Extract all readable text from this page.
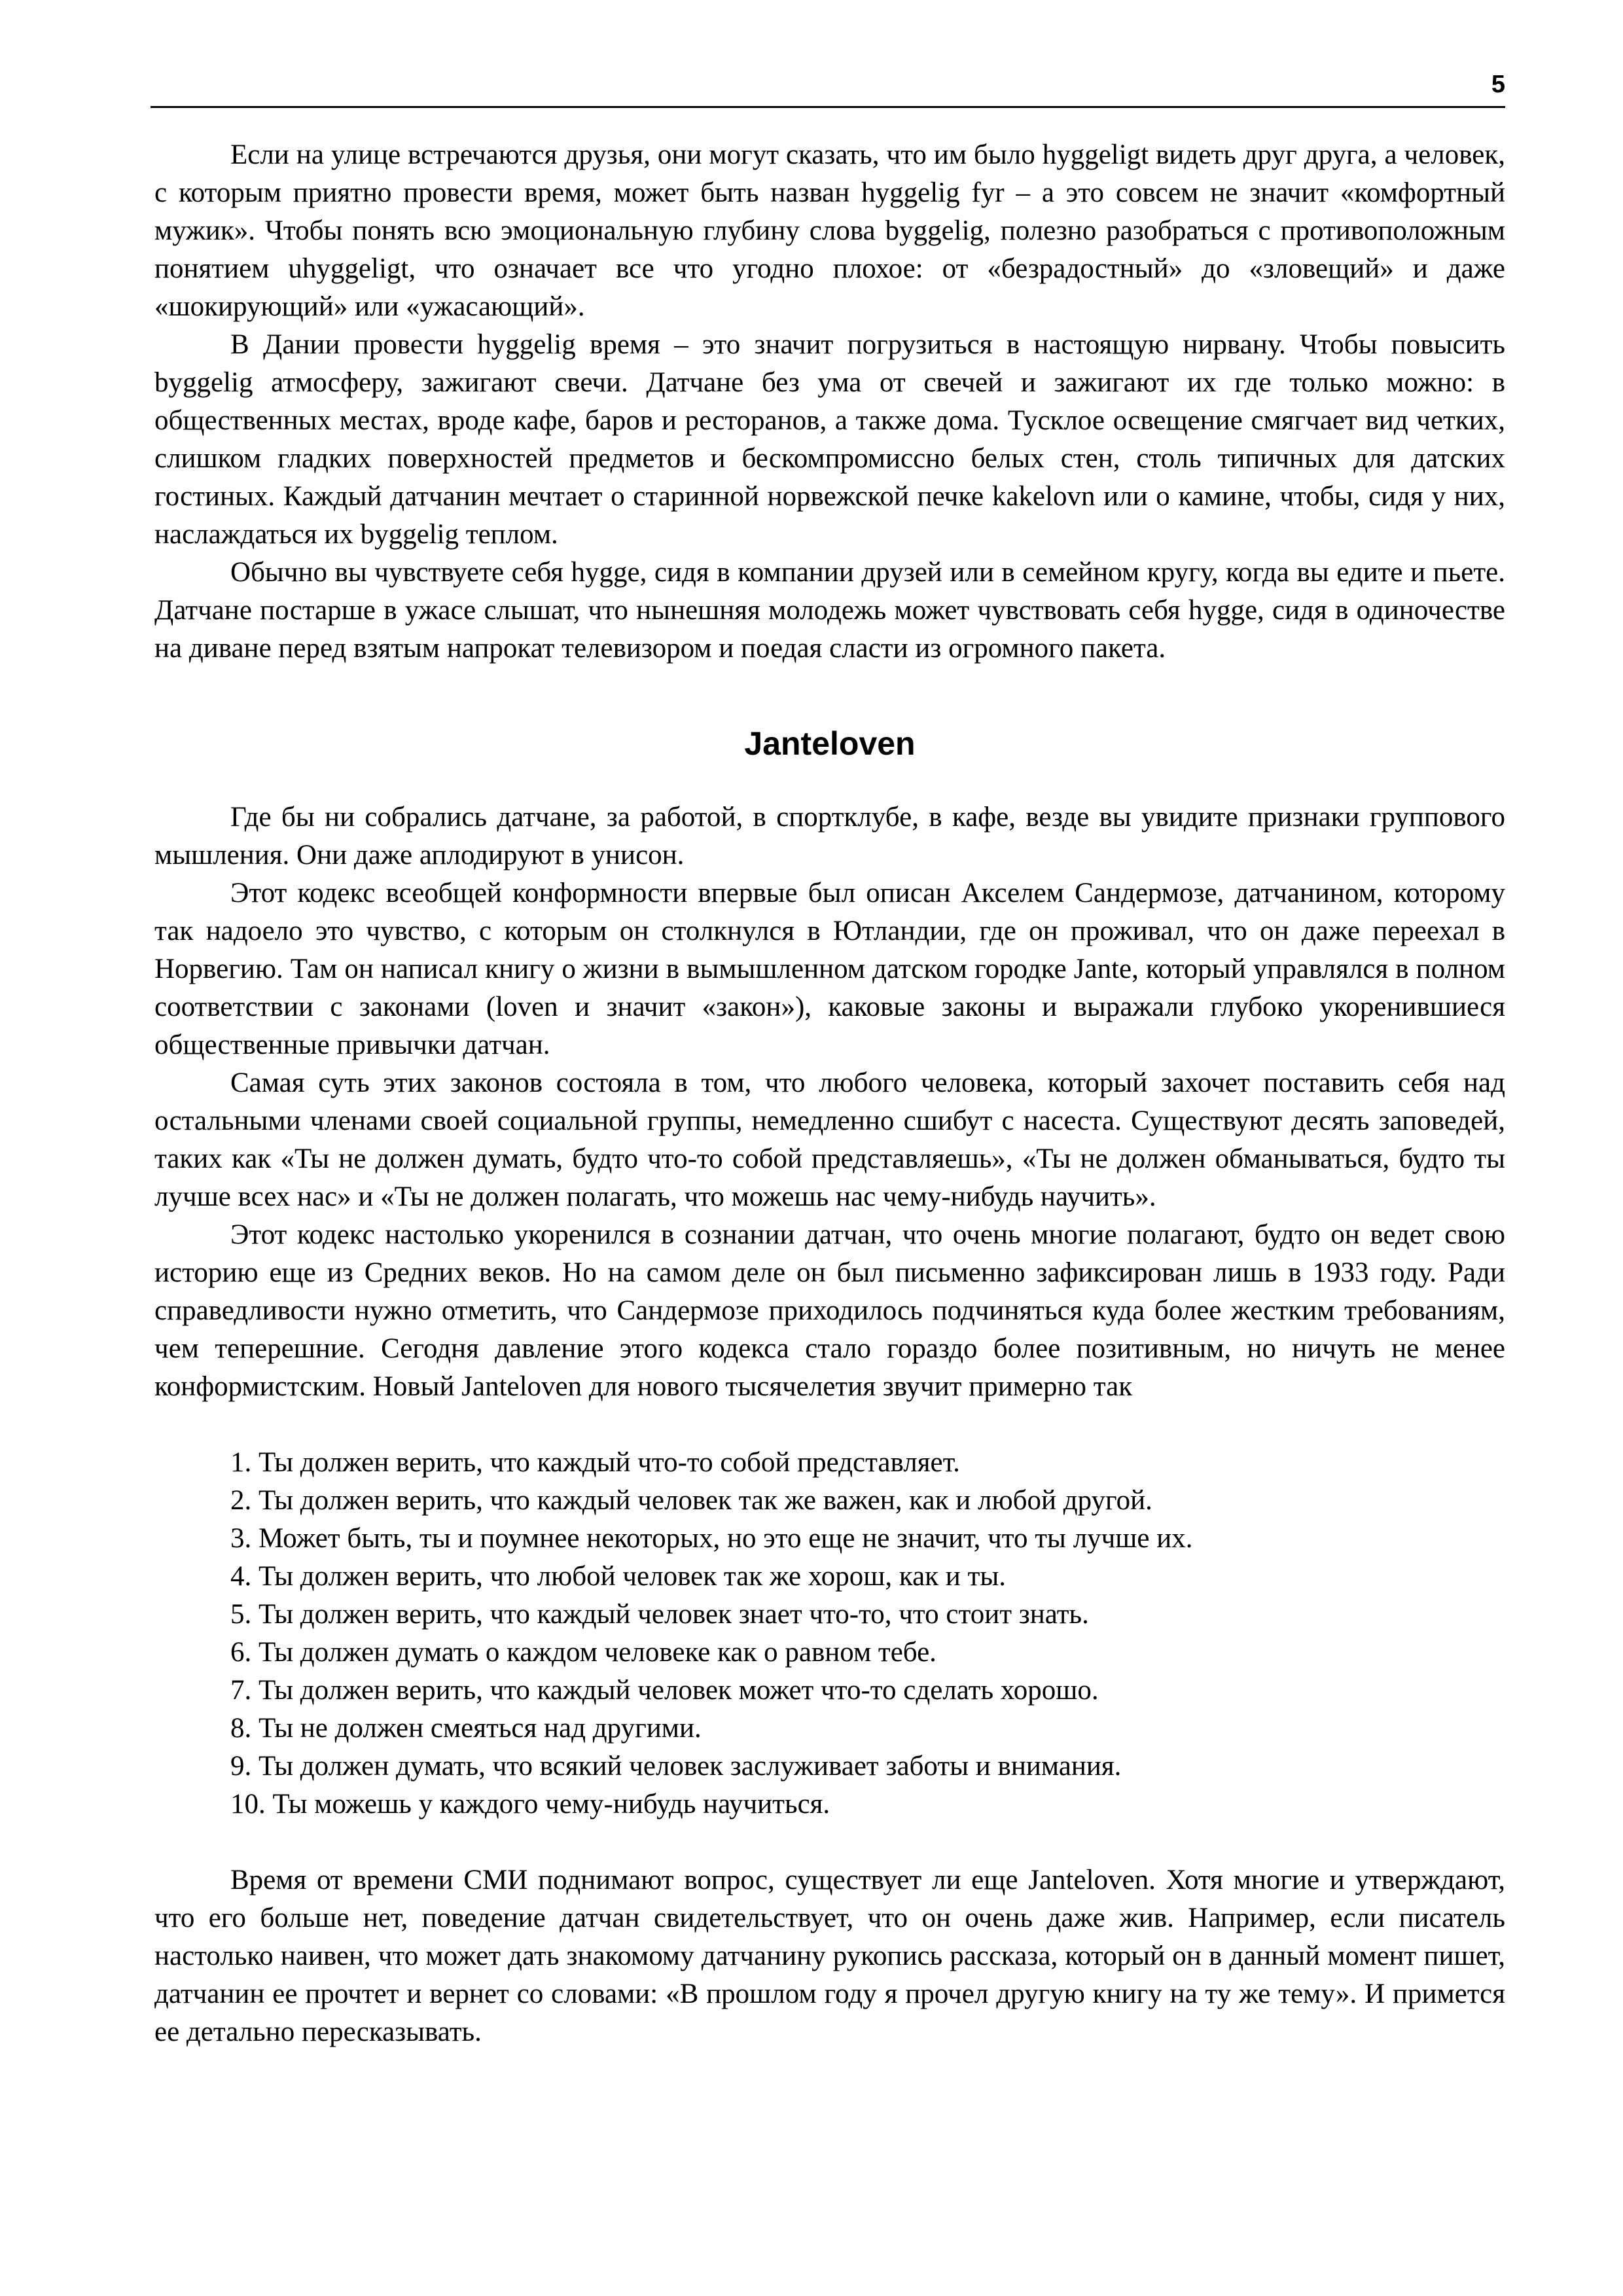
5

Если на улице встречаются друзья, они могут сказать, что им было hyggeligt видеть друг друга, а человек, с которым приятно провести время, может быть назван hyggelig fyr – а это совсем не значит «комфортный мужик». Чтобы понять всю эмоциональную глубину слова byggelig, полезно разобраться с противоположным понятием uhyggeligt, что означает все что угодно плохое: от «безрадостный» до «зловещий» и даже «шокирующий» или «ужасающий».

В Дании провести hyggelig время – это значит погрузиться в настоящую нирвану. Чтобы повысить byggelig атмосферу, зажигают свечи. Датчане без ума от свечей и зажигают их где только можно: в общественных местах, вроде кафе, баров и ресторанов, а также дома. Тусклое освещение смягчает вид четких, слишком гладких поверхностей предметов и бескомпромиссно белых стен, столь типичных для датских гостиных. Каждый датчанин мечтает о старинной норвежской печке kakelovn или о камине, чтобы, сидя у них, наслаждаться их byggelig теплом.

Обычно вы чувствуете себя hygge, сидя в компании друзей или в семейном кругу, когда вы едите и пьете. Датчане постарше в ужасе слышат, что нынешняя молодежь может чувствовать себя hygge, сидя в одиночестве на диване перед взятым напрокат телевизором и поедая сласти из огромного пакета.

Janteloven

Где бы ни собрались датчане, за работой, в спортклубе, в кафе, везде вы увидите признаки группового мышления. Они даже аплодируют в унисон.

Этот кодекс всеобщей конформности впервые был описан Акселем Сандермозе, датчанином, которому так надоело это чувство, с которым он столкнулся в Ютландии, где он проживал, что он даже переехал в Норвегию. Там он написал книгу о жизни в вымышленном датском городке Jante, который управлялся в полном соответствии с законами (loven и значит «закон»), каковые законы и выражали глубоко укоренившиеся общественные привычки датчан.

Самая суть этих законов состояла в том, что любого человека, который захочет поставить себя над остальными членами своей социальной группы, немедленно сшибут с насеста. Существуют десять заповедей, таких как «Ты не должен думать, будто что-то собой представляешь», «Ты не должен обманываться, будто ты лучше всех нас» и «Ты не должен полагать, что можешь нас чему-нибудь научить».

Этот кодекс настолько укоренился в сознании датчан, что очень многие полагают, будто он ведет свою историю еще из Средних веков. Но на самом деле он был письменно зафиксирован лишь в 1933 году. Ради справедливости нужно отметить, что Сандермозе приходилось подчиняться куда более жестким требованиям, чем теперешние. Сегодня давление этого кодекса стало гораздо более позитивным, но ничуть не менее конформистским. Новый Janteloven для нового тысячелетия звучит примерно так

1. Ты должен верить, что каждый что-то собой представляет.
2. Ты должен верить, что каждый человек так же важен, как и любой другой.
3. Может быть, ты и поумнее некоторых, но это еще не значит, что ты лучше их.
4. Ты должен верить, что любой человек так же хорош, как и ты.
5. Ты должен верить, что каждый человек знает что-то, что стоит знать.
6. Ты должен думать о каждом человеке как о равном тебе.
7. Ты должен верить, что каждый человек может что-то сделать хорошо.
8. Ты не должен смеяться над другими.
9. Ты должен думать, что всякий человек заслуживает заботы и внимания.
10. Ты можешь у каждого чему-нибудь научиться.

Время от времени СМИ поднимают вопрос, существует ли еще Janteloven. Хотя многие и утверждают, что его больше нет, поведение датчан свидетельствует, что он очень даже жив. Например, если писатель настолько наивен, что может дать знакомому датчанину рукопись рассказа, который он в данный момент пишет, датчанин ее прочтет и вернет со словами: «В прошлом году я прочел другую книгу на ту же тему». И примется ее детально пересказывать.
